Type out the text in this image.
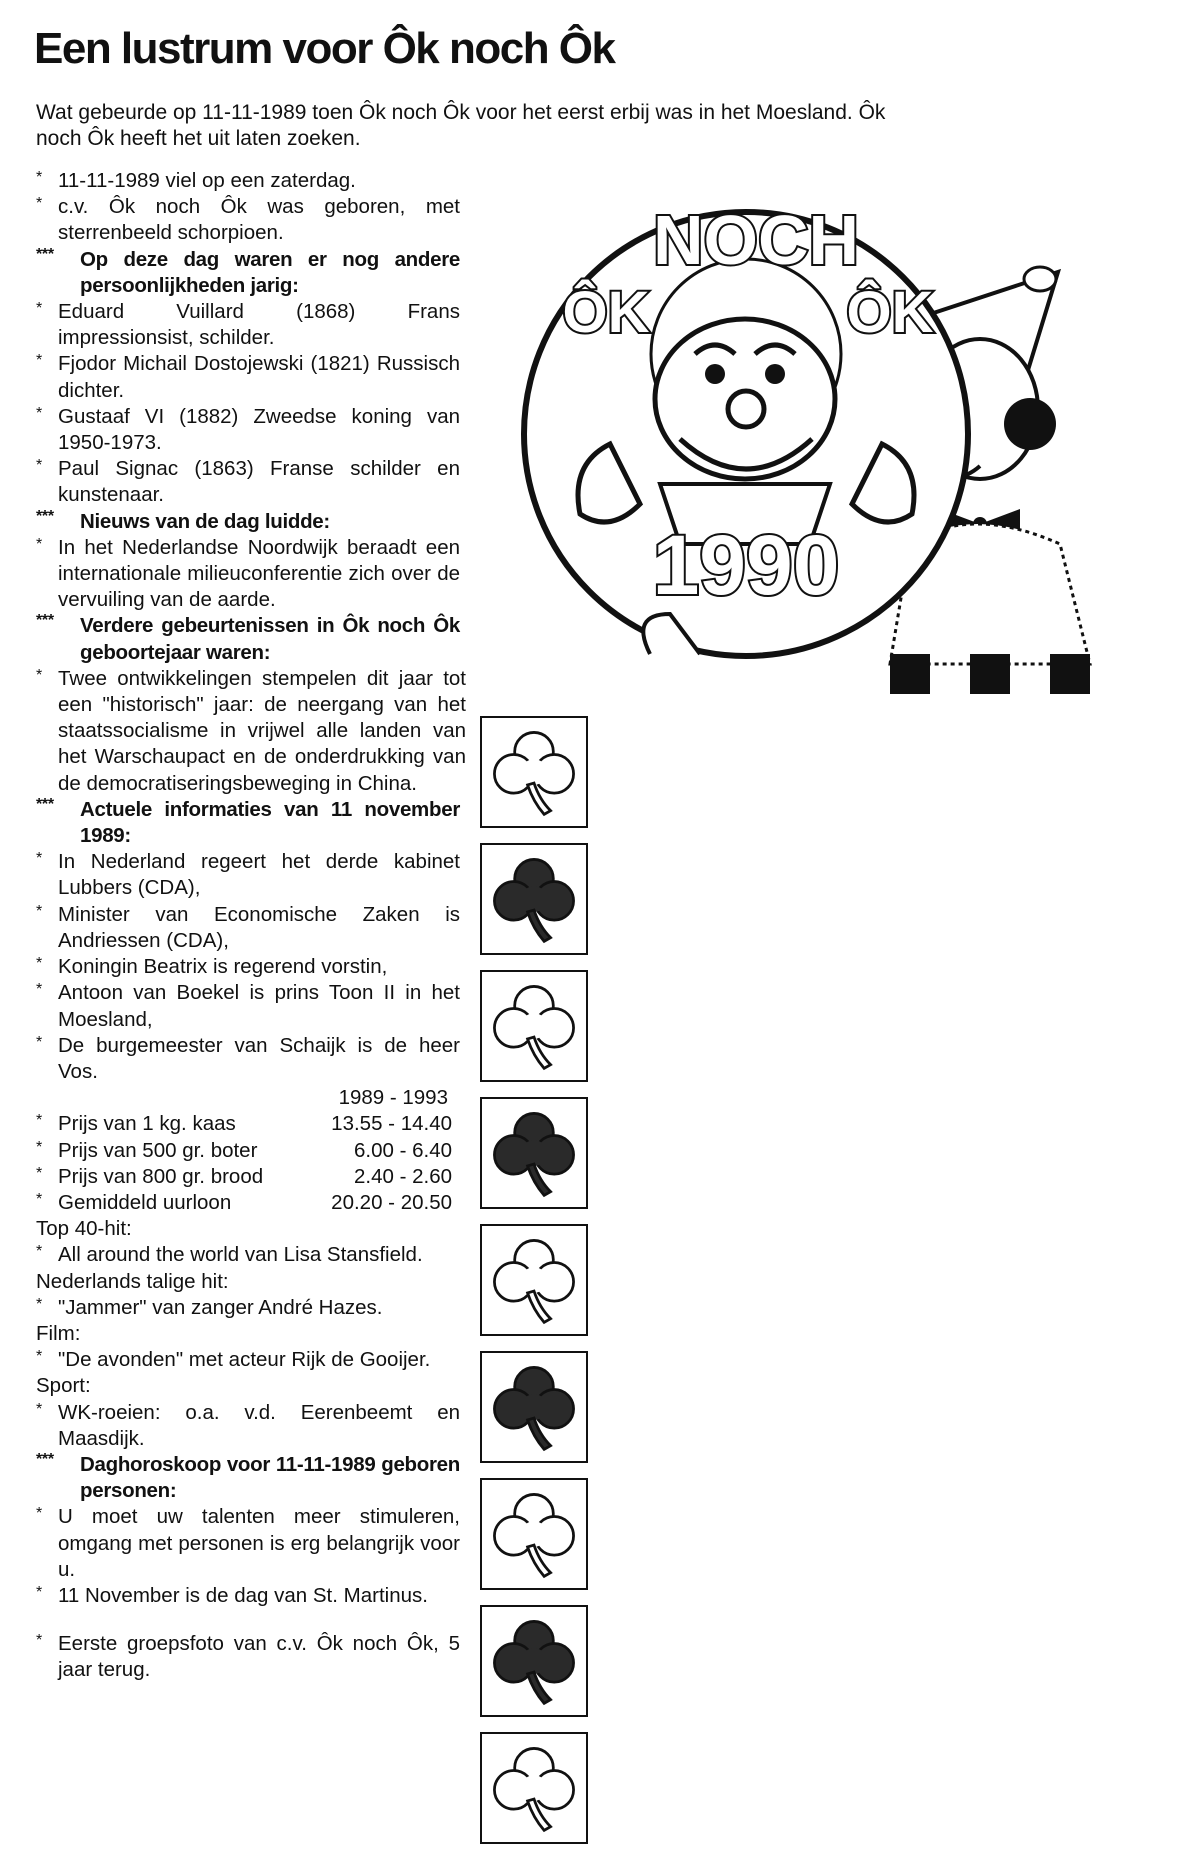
Een lustrum voor Ôk noch Ôk

Wat gebeurde op 11-11-1989 toen Ôk noch Ôk voor het eerst erbij was in het Moesland. Ôk noch Ôk heeft het uit laten zoeken.

* 11-11-1989 viel op een zaterdag.
* c.v. Ôk noch Ôk was geboren, met sterrenbeeld schorpioen.
*** Op deze dag waren er nog andere persoonlijkheden jarig:
* Eduard Vuillard (1868) Frans impressionsist, schilder.
* Fjodor Michail Dostojewski (1821) Russisch dichter.
* Gustaaf VI (1882) Zweedse koning van 1950-1973.
* Paul Signac (1863) Franse schilder en kunstenaar.
*** Nieuws van de dag luidde:
* In het Nederlandse Noordwijk beraadt een internationale milieuconferentie zich over de vervuiling van de aarde.
*** Verdere gebeurtenissen in Ôk noch Ôk geboortejaar waren:
* Twee ontwikkelingen stempelen dit jaar tot een "historisch" jaar: de neergang van het staatssocialisme in vrijwel alle landen van het Warschaupact en de onderdrukking van de democratiseringsbeweging in China.
*** Actuele informaties van 11 november 1989:
* In Nederland regeert het derde kabinet Lubbers (CDA),
* Minister van Economische Zaken is Andriessen (CDA),
* Koningin Beatrix is regerend vorstin,
* Antoon van Boekel is prins Toon II in het Moesland,
* De burgemeester van Schaijk is de heer Vos.
1989 - 1993
* Prijs van 1 kg. kaas	13.55 - 14.40
* Prijs van 500 gr. boter	6.00 - 6.40
* Prijs van 800 gr. brood	2.40 - 2.60
* Gemiddeld uurloon	20.20 - 20.50
Top 40-hit:
* All around the world van Lisa Stansfield.
Nederlands talige hit:
* "Jammer" van zanger André Hazes.
Film:
* "De avonden" met acteur Rijk de Gooijer.
Sport:
* WK-roeien: o.a. v.d. Eerenbeemt en Maasdijk.
*** Daghoroskoop voor 11-11-1989 geboren personen:
* U moet uw talenten meer stimuleren, omgang met personen is erg belangrijk voor u.
* 11 November is de dag van St. Martinus.
* Eerste groepsfoto van c.v. Ôk noch Ôk, 5 jaar terug.
NOCH
ÔK	ÔK
1990
